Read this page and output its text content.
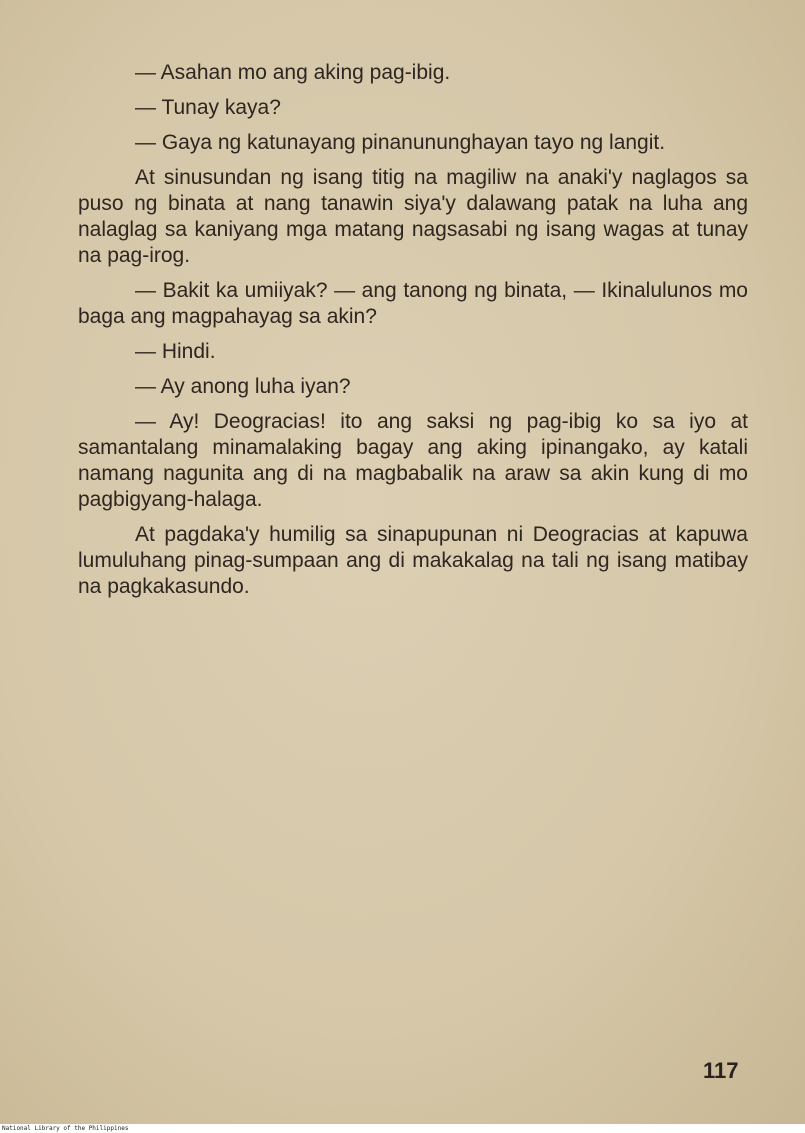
— Asahan mo ang aking pag-ibig.

— Tunay kaya?

— Gaya ng katunayang pinanununghayan tayo ng langit.

At sinusundan ng isang titig na magiliw na anaki'y naglagos sa puso ng binata at nang tanawin siya'y dalawang patak na luha ang nalaglag sa kaniyang mga matang nagsasabi ng isang wagas at tunay na pag-irog.

— Bakit ka umiiyak? — ang tanong ng binata, — Ikinalulunos mo baga ang magpahayag sa akin?

— Hindi.

— Ay anong luha iyan?

— Ay! Deogracias! ito ang saksi ng pag-ibig ko sa iyo at samantalang minamalaking bagay ang aking ipinangako, ay katali namang nagunita ang di na magbabalik na araw sa akin kung di mo pagbigyang-halaga.

At pagdaka'y humilig sa sinapupunan ni Deogracias at kapuwa lumuluhang pinag-sumpaan ang di makakalag na tali ng isang matibay na pagkakasundo.

117
National Library of the Philippines
